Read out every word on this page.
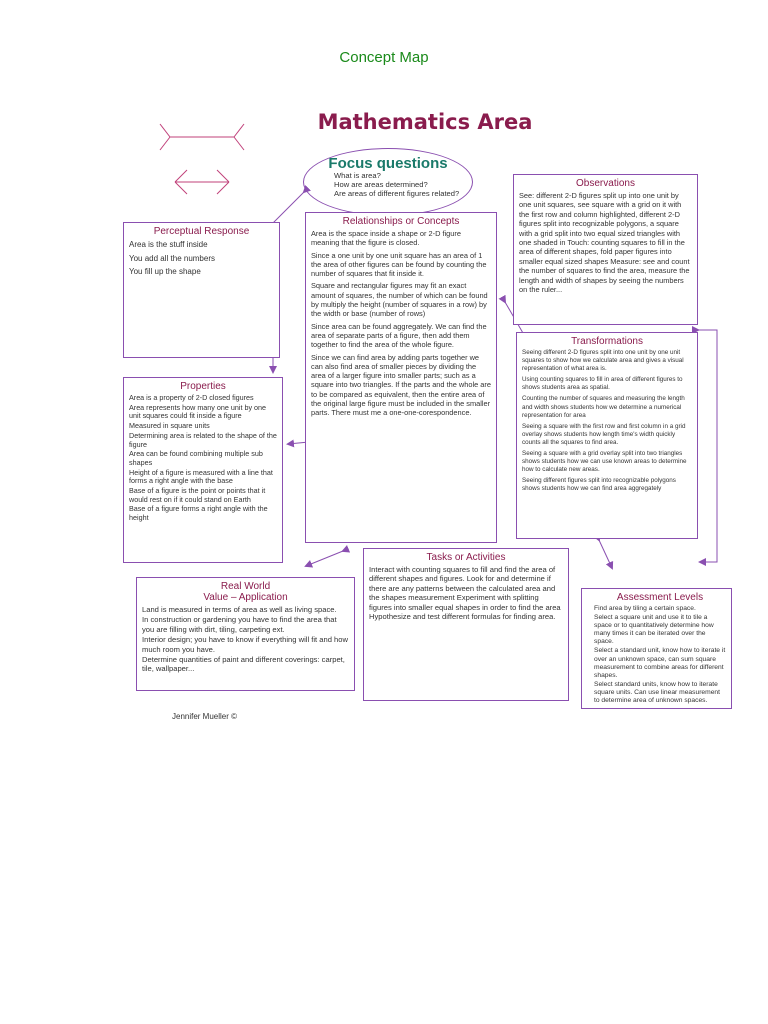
Concept Map
Mathematics Area
Focus questions
What is area?
How are areas determined?
Are areas of different figures related?
Perceptual Response
Area is the stuff inside
You add all the numbers
You fill up the shape
Relationships or Concepts

Area is the space inside a shape or 2-D figure meaning that the figure is closed.

Since a one unit by one unit square has an area of 1 the area of other figures can be found by counting the number of squares that fit inside it.

Square and rectangular figures may fit an exact amount of squares, the number of which can be found by multiply the height (number of squares in a row) by the width or base (number of rows)

Since area can be found aggregately. We can find the area of separate parts of a figure, then add them together to find the area of the whole figure.

Since we can find area by adding parts together we can also find area of smaller pieces by dividing the area of a larger figure into smaller parts; such as a square into two triangles. If the parts and the whole are to be compared as equivalent, then the entire area of the original large figure must be included in the smaller parts. There must me a one-one-corespondence.

Observations
See: different 2-D figures split up into one unit by one unit squares, see square with a grid on it with the first row and column highlighted, different 2-D figures split into recognizable polygons, a square with a grid split into two equal sized triangles with one shaded in Touch: counting squares to fill in the area of different shapes, fold paper figures into smaller equal sized shapes Measure: see and count the number of squares to find the area, measure the length and width of shapes by seeing the numbers on the ruler...
Transformations

Seeing different 2-D figures split into one unit by one unit squares to show how we calculate area and gives a visual representation of what area is.

Using counting squares to fill in area of different figures to shows students area as spatial.

Counting the number of squares and measuring the length and width shows students how we determine a numerical representation for area

Seeing a square with the first row and first column in a grid overlay shows students how length time's width quickly counts all the squares to find area.

Seeing a square with a grid overlay split into two triangles shows students how we can use known areas to determine how to calculate new areas.

Seeing different figures split into recognizable polygons shows students how we can find area aggregately

Properties
Area is a property of 2-D closed figures
Area represents how many one unit by one unit squares could fit inside a figure
Measured in square units
Determining area is related to the shape of the figure
Area can be found combining multiple sub shapes
Height of a figure is measured with a line that forms a right angle with the base
Base of a figure is the point or points that it would rest on if it could stand on Earth
Base of a figure forms a right angle with the height
Tasks or Activities
Interact with counting squares to fill and find the area of different shapes and figures. Look for and determine if there are any patterns between the calculated area and the shapes measurement Experiment with splitting figures into smaller equal shapes in order to find the area Hypothesize and test different formulas for finding area.
Real World
Value – Application
Land is measured in terms of area as well as living space.
In construction or gardening you have to find the area that you are filling with dirt, tiling, carpeting ext.
Interior design; you have to know if everything will fit and how much room you have.
Determine quantities of paint and different coverings: carpet, tile, wallpaper...
Assessment Levels
Find area by tiling a certain space.
Select a square unit and use it to tile a space or to quantitatively determine how many times it can be iterated over the space.
Select a standard unit, know how to iterate it over an unknown space, can sum square measurement to combine areas for different shapes.
Select standard units, know how to iterate square units. Can use linear measurement to determine area of unknown spaces.
Jennifer Mueller ©
